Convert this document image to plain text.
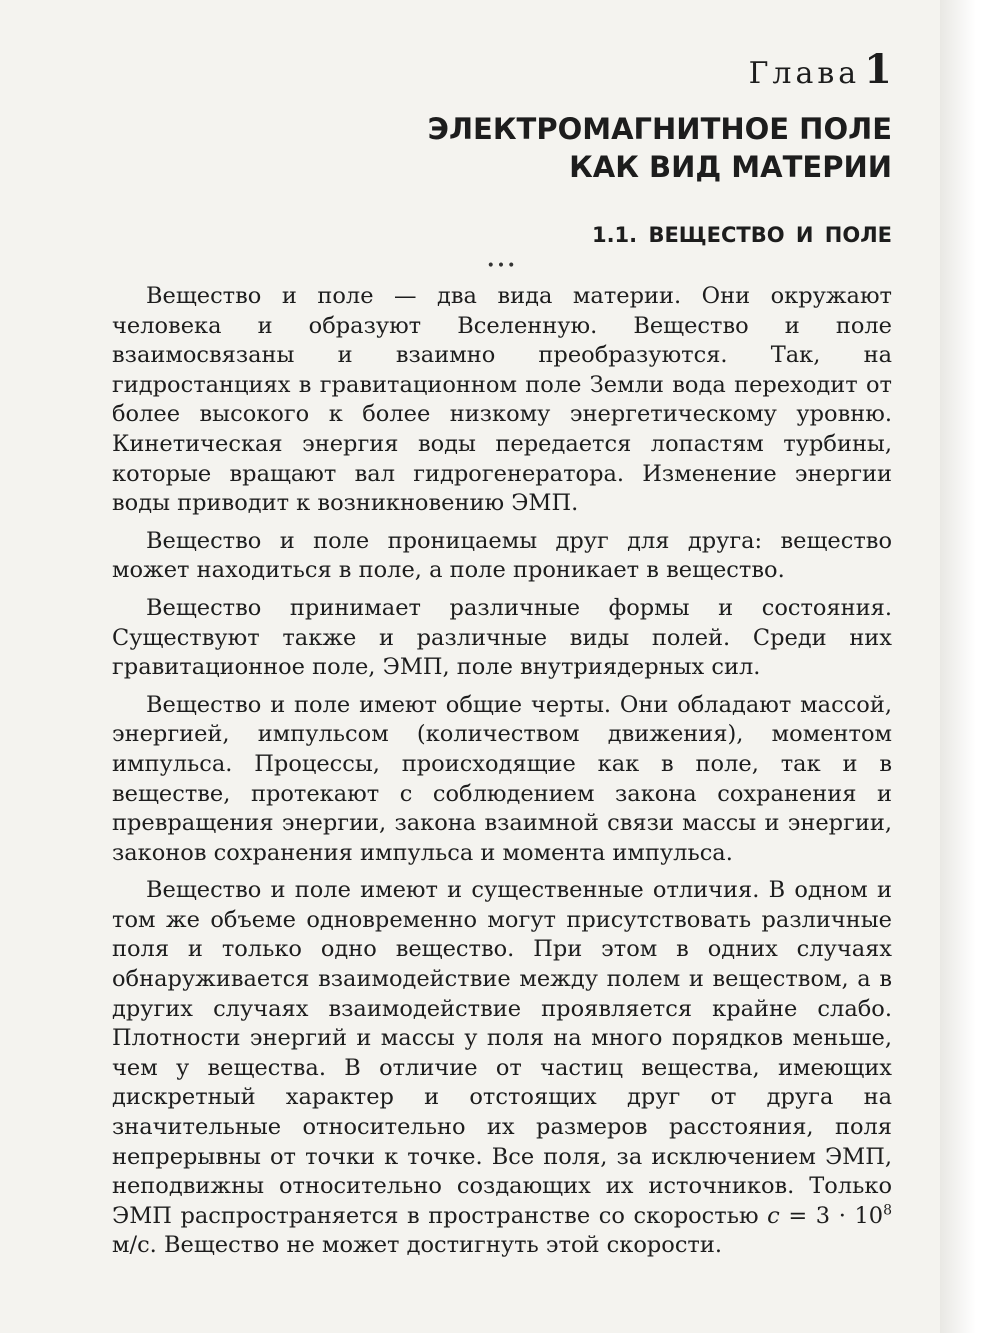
Глава 1
ЭЛЕКТРОМАГНИТНОЕ ПОЛЕ
КАК ВИД МАТЕРИИ
1.1. ВЕЩЕСТВО И ПОЛЕ
•••

Вещество и поле — два вида материи. Они окружают человека и образуют Вселенную. Вещество и поле взаимосвязаны и взаимно преобразуются. Так, на гидростанциях в гравитационном поле Земли вода переходит от более высокого к более низкому энергетическому уровню. Кинетическая энергия воды передается лопастям турбины, которые вращают вал гидрогенератора. Изменение энергии воды приводит к возникновению ЭМП.

Вещество и поле проницаемы друг для друга: вещество может находиться в поле, а поле проникает в вещество.

Вещество принимает различные формы и состояния. Существуют также и различные виды полей. Среди них гравитационное поле, ЭМП, поле внутриядерных сил.

Вещество и поле имеют общие черты. Они обладают массой, энергией, импульсом (количеством движения), моментом импульса. Процессы, происходящие как в поле, так и в веществе, протекают с соблюдением закона сохранения и превращения энергии, закона взаимной связи массы и энергии, законов сохранения импульса и момента импульса.

Вещество и поле имеют и существенные отличия. В одном и том же объеме одновременно могут присутствовать различные поля и только одно вещество. При этом в одних случаях обнаруживается взаимодействие между полем и веществом, а в других случаях взаимодействие проявляется крайне слабо. Плотности энергий и массы у поля на много порядков меньше, чем у вещества. В отличие от частиц вещества, имеющих дискретный характер и отстоящих друг от друга на значительные относительно их размеров расстояния, поля непрерывны от точки к точке. Все поля, за исключением ЭМП, неподвижны относительно создающих их источников. Только ЭМП распространяется в пространстве со скоростью $c = 3 \cdot 10^8$ м/с. Вещество не может достигнуть этой скорости.
